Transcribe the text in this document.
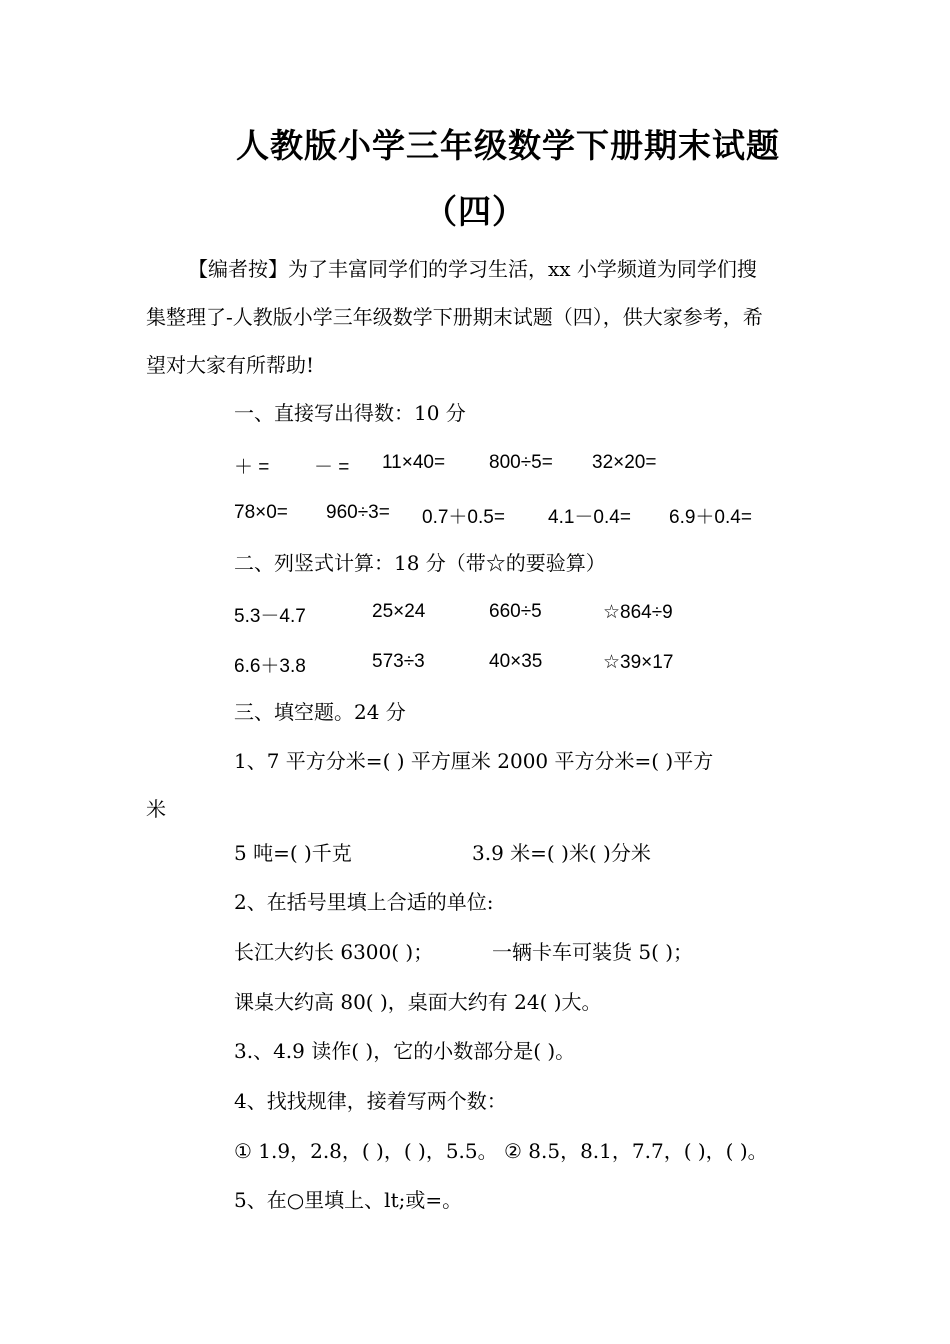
人教版小学三年级数学下册期末试题
（四）
【编者按】为了丰富同学们的学习生活，xx 小学频道为同学们搜
集整理了-人教版小学三年级数学下册期末试题（四），供大家参考，希
望对大家有所帮助!
一、直接写出得数：10 分
＋ = － = 11×40= 800÷5= 32×20=
78×0= 960÷3= 0.7＋0.5= 4.1－0.4= 6.9＋0.4=
二、列竖式计算：18 分（带☆的要验算）
5.3－4.7	25×24	660÷5	☆864÷9
6.6＋3.8	573÷3	40×35	☆39×17
三、填空题。24 分
1、7 平方分米=( ) 平方厘米 2000 平方分米=( )平方
米
5 吨=( )千克	3.9 米=( )米( )分米
2、在括号里填上合适的单位:
长江大约长 6300( )；	一辆卡车可装货 5( )；
课桌大约高 80( )，桌面大约有 24( )大。
3.、4.9 读作( )，它的小数部分是( )。
4、找找规律，接着写两个数：
① 1.9，2.8，( )，( )，5.5。 ② 8.5，8.1，7.7，( )，( )。
5、在○里填上、lt;或=。
